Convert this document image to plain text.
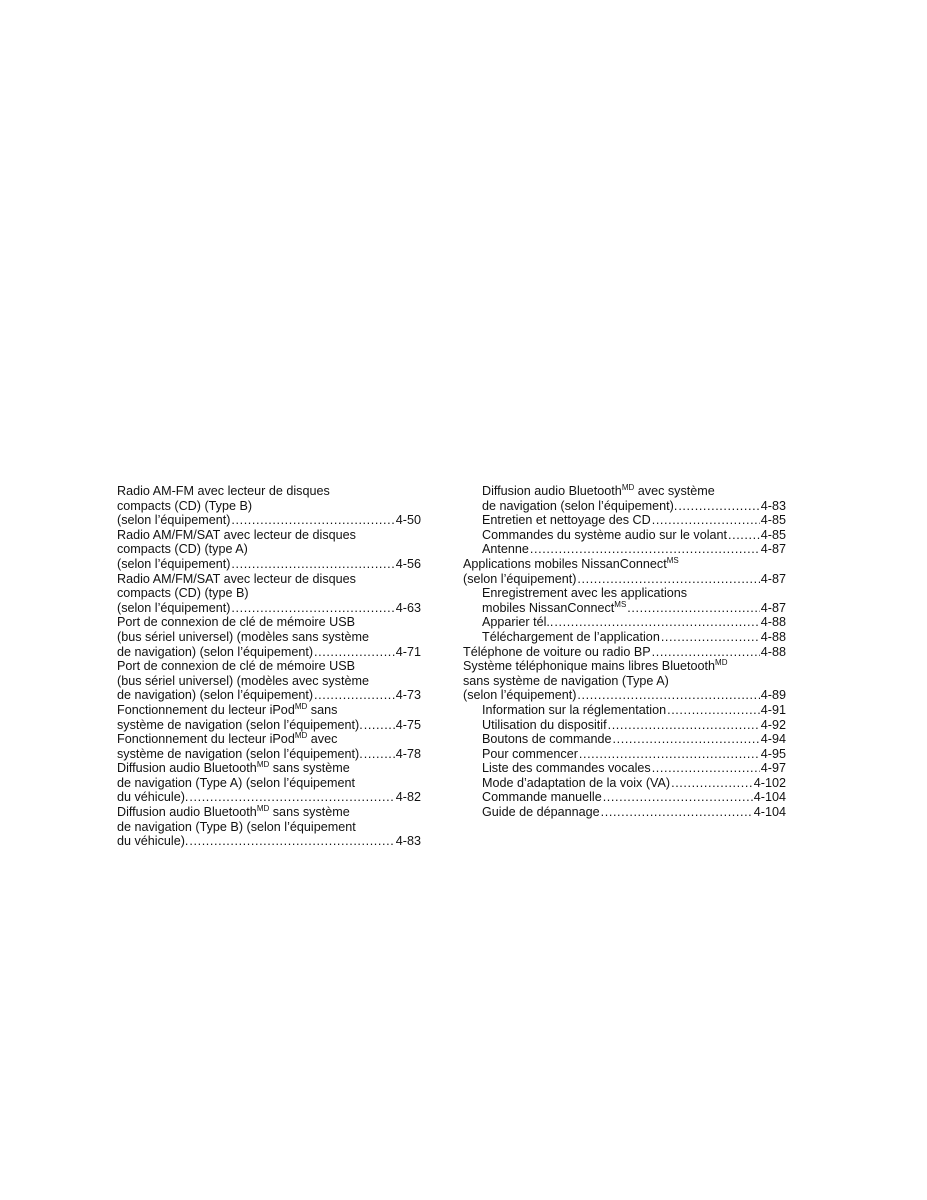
Radio AM-FM avec lecteur de disques
compacts (CD) (Type B)
(selon l’équipement) . . .	4-50
Radio AM/FM/SAT avec lecteur de disques
compacts (CD) (type A)
(selon l’équipement) . . .	4-56
Radio AM/FM/SAT avec lecteur de disques
compacts (CD) (type B)
(selon l’équipement) . . .	4-63
Port de connexion de clé de mémoire USB
(bus sériel universel) (modèles sans système
de navigation) (selon l’équipement) . . .	4-71
Port de connexion de clé de mémoire USB
(bus sériel universel) (modèles avec système
de navigation) (selon l’équipement) . . .	4-73
Fonctionnement du lecteur iPod$^{MD}$ sans
système de navigation (selon l’équipement). . . .	4-75
Fonctionnement du lecteur iPod$^{MD}$ avec
système de navigation (selon l’équipement). . . .	4-78
Diffusion audio Bluetooth$^{MD}$ sans système
de navigation (Type A) (selon l’équipement
du véhicule). . . .	4-82
Diffusion audio Bluetooth$^{MD}$ sans système
de navigation (Type B) (selon l’équipement
du véhicule). . . .	4-83
Diffusion audio Bluetooth$^{MD}$ avec système
de navigation (selon l’équipement). . . .	4-83
Entretien et nettoyage des CD . . .	4-85
Commandes du système audio sur le volant . . .	4-85
Antenne . . .	4-87
Applications mobiles NissanConnect$^{MS}$
(selon l’équipement) . . .	4-87
Enregistrement avec les applications
mobiles NissanConnect$^{MS}$ . . .	4-87
Apparier tél.. . . .	4-88
Téléchargement de l’application . . .	4-88
Téléphone de voiture ou radio BP . . .	4-88
Système téléphonique mains libres Bluetooth$^{MD}$
sans système de navigation (Type A)
(selon l’équipement) . . .	4-89
Information sur la réglementation . . .	4-91
Utilisation du dispositif . . .	4-92
Boutons de commande . . .	4-94
Pour commencer . . .	4-95
Liste des commandes vocales . . .	4-97
Mode d’adaptation de la voix (VA) . . .	4-102
Commande manuelle . . .	4-104
Guide de dépannage . . .	4-104
